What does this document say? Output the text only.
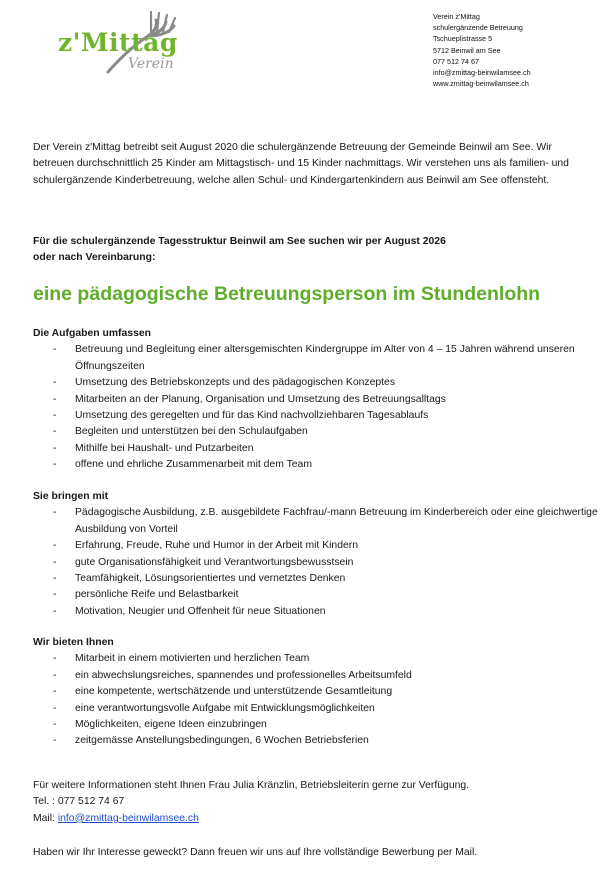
z'Mittag
Verein
Verein z'Mittag
schulergänzende Betreuung
Tschueplistrasse 5
5712 Beinwil am See
077 512 74 67
info@zmittag-beinwilamsee.ch
www.zmittag-beinwilamsee.ch
Der Verein z'Mittag betreibt seit August 2020 die schulergänzende Betreuung der Gemeinde Beinwil am See. Wir betreuen durchschnittlich 25 Kinder am Mittagstisch- und 15 Kinder nachmittags. Wir verstehen uns als familien- und schulergänzende Kinderbetreuung, welche allen Schul- und Kindergartenkindern aus Beinwil am See offensteht.
Für die schulergänzende Tagesstruktur Beinwil am See suchen wir per August 2026
oder nach Vereinbarung:
eine pädagogische Betreuungsperson im Stundenlohn
Die Aufgaben umfassen
- Betreuung und Begleitung einer altersgemischten Kindergruppe im Alter von 4 – 15 Jahren während unseren Öffnungszeiten
- Umsetzung des Betriebskonzepts und des pädagogischen Konzeptes
- Mitarbeiten an der Planung, Organisation und Umsetzung des Betreuungsalltags
- Umsetzung des geregelten und für das Kind nachvollziehbaren Tagesablaufs
- Begleiten und unterstützen bei den Schulaufgaben
- Mithilfe bei Haushalt- und Putzarbeiten
- offene und ehrliche Zusammenarbeit mit dem Team
Sie bringen mit
- Pädagogische Ausbildung, z.B. ausgebildete Fachfrau/-mann Betreuung im Kinderbereich oder eine gleichwertige Ausbildung von Vorteil
- Erfahrung, Freude, Ruhe und Humor in der Arbeit mit Kindern
- gute Organisationsfähigkeit und Verantwortungsbewusstsein
- Teamfähigkeit, Lösungsorientiertes und vernetztes Denken
- persönliche Reife und Belastbarkeit
- Motivation, Neugier und Offenheit für neue Situationen
Wir bieten Ihnen
- Mitarbeit in einem motivierten und herzlichen Team
- ein abwechslungsreiches, spannendes und professionelles Arbeitsumfeld
- eine kompetente, wertschätzende und unterstützende Gesamtleitung
- eine verantwortungsvolle Aufgabe mit Entwicklungsmöglichkeiten
- Möglichkeiten, eigene Ideen einzubringen
- zeitgemässe Anstellungsbedingungen, 6 Wochen Betriebsferien
Für weitere Informationen steht Ihnen Frau Julia Kränzlin, Betriebsleiterin gerne zur Verfügung.
Tel. : 077 512 74 67
Mail: info@zmittag-beinwilamsee.ch
Haben wir Ihr Interesse geweckt? Dann freuen wir uns auf Ihre vollständige Bewerbung per Mail.
